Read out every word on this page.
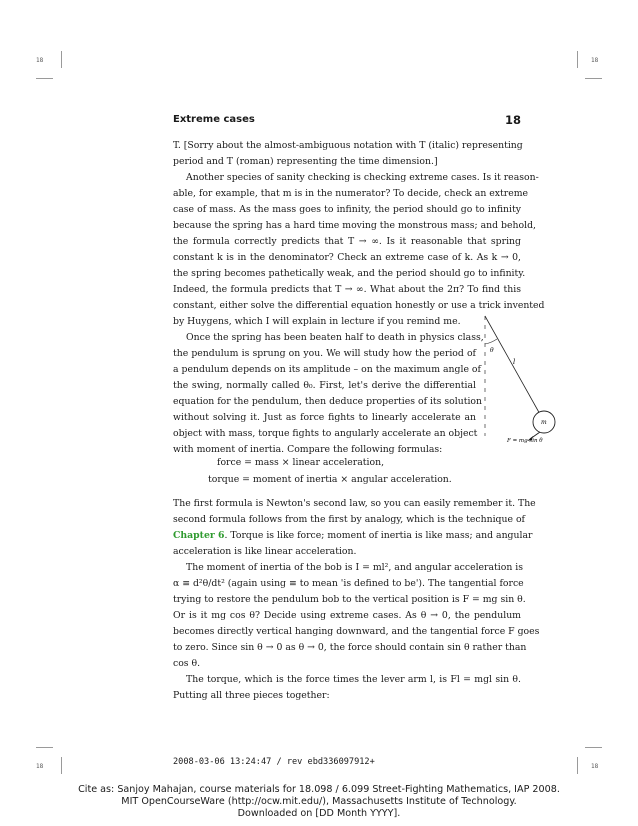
18	18
18	18
Extreme cases	18
T. [Sorry about the almost-ambiguous notation with T (italic) representing
period and T (roman) representing the time dimension.]
Another species of sanity checking is checking extreme cases. Is it reason-
able, for example, that m is in the numerator? To decide, check an extreme
case of mass. As the mass goes to infinity, the period should go to infinity
because the spring has a hard time moving the monstrous mass; and behold,
the formula correctly predicts that T → ∞. Is it reasonable that spring
constant k is in the denominator? Check an extreme case of k. As k → 0,
the spring becomes pathetically weak, and the period should go to infinity.
Indeed, the formula predicts that T → ∞. What about the 2π? To find this
constant, either solve the differential equation honestly or use a trick invented
by Huygens, which I will explain in lecture if you remind me.
Once the spring has been beaten half to death in physics class,
the pendulum is sprung on you. We will study how the period of
a pendulum depends on its amplitude – on the maximum angle of
the swing, normally called θ₀. First, let's derive the differential
equation for the pendulum, then deduce properties of its solution
without solving it. Just as force fights to linearly accelerate an
object with mass, torque fights to angularly accelerate an object
with moment of inertia. Compare the following formulas:
θ
l
m
F = mg sin θ
force = mass × linear acceleration,
torque = moment of inertia × angular acceleration.
The first formula is Newton's second law, so you can easily remember it. The
second formula follows from the first by analogy, which is the technique of
Chapter 6. Torque is like force; moment of inertia is like mass; and angular
acceleration is like linear acceleration.
The moment of inertia of the bob is I = ml², and angular acceleration is
α ≡ d²θ/dt² (again using ≡ to mean 'is defined to be'). The tangential force
trying to restore the pendulum bob to the vertical position is F = mg sin θ.
Or is it mg cos θ? Decide using extreme cases. As θ → 0, the pendulum
becomes directly vertical hanging downward, and the tangential force F goes
to zero. Since sin θ → 0 as θ → 0, the force should contain sin θ rather than
cos θ.
The torque, which is the force times the lever arm l, is Fl = mgl sin θ.
Putting all three pieces together:
2008-03-06 13:24:47 / rev ebd336097912+
Cite as: Sanjoy Mahajan, course materials for 18.098 / 6.099 Street-Fighting Mathematics, IAP 2008.
MIT OpenCourseWare (http://ocw.mit.edu/), Massachusetts Institute of Technology.
Downloaded on [DD Month YYYY].
